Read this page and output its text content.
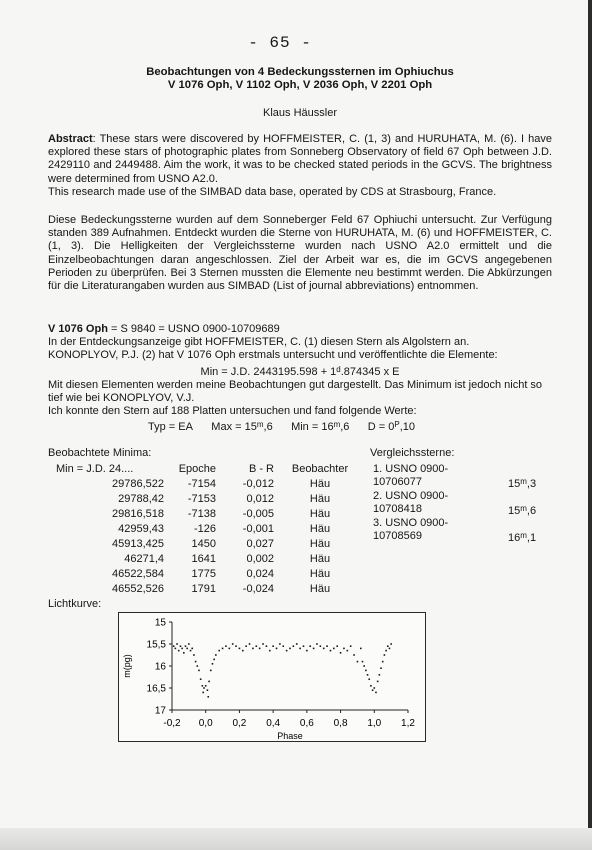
- 65 -
Beobachtungen von 4 Bedeckungssternen im Ophiuchus
V 1076 Oph, V 1102 Oph, V 2036 Oph, V 2201 Oph
Klaus Häussler

Abstract: These stars were discovered by HOFFMEISTER, C. (1, 3) and HURUHATA, M. (6). I have explored these stars of photographic plates from Sonneberg Observatory of field 67 Oph between J.D. 2429110 and 2449488. Aim the work, it was to be checked stated periods in the GCVS. The brightness were determined from USNO A2.0.
This research made use of the SIMBAD data base, operated by CDS at Strasbourg, France.

Diese Bedeckungssterne wurden auf dem Sonneberger Feld 67 Ophiuchi untersucht. Zur Verfügung standen 389 Aufnahmen. Entdeckt wurden die Sterne von HURUHATA, M. (6) und HOFFMEISTER, C. (1, 3). Die Helligkeiten der Vergleichssterne wurden nach USNO A2.0 ermittelt und die Einzelbeobachtungen daran angeschlossen. Ziel der Arbeit war es, die im GCVS angegebenen Perioden zu überprüfen. Bei 3 Sternen mussten die Elemente neu bestimmt werden. Die Abkürzungen für die Literaturangaben wurden aus SIMBAD (List of journal abbreviations) entnommen.

V 1076 Oph = S 9840 = USNO 0900-10709689
In der Entdeckungsanzeige gibt HOFFMEISTER, C. (1) diesen Stern als Algolstern an.
KONOPLYOV, P.J. (2) hat V 1076 Oph erstmals untersucht und veröffentlichte die Elemente:
Min = J.D. $2443195.598 + 1^d.874345$ x E
Mit diesen Elementen werden meine Beobachtungen gut dargestellt. Das Minimum ist jedoch nicht so tief wie bei KONOPLYOV, V.J.
Ich konnte den Stern auf 188 Platten untersuchen und fand folgende Werte:
Typ = EA Max = $15^m,6$ Min = $16^m,6$ $D = 0^P,10$
Beobachtete Minima:
Min = J.D. 24....	Epoche	B - R	Beobachter
29786,522	-7154	-0,012	Häu
29788,42	-7153	0,012	Häu
29816,518	-7138	-0,005	Häu
42959,43	-126	-0,001	Häu
45913,425	1450	0,027	Häu
46271,4	1641	0,002	Häu
46522,584	1775	0,024	Häu
46552,526	1791	-0,024	Häu
Vergleichssterne:
1. USNO 0900-10706077	15$^m$,3
2. USNO 0900-10708418	15$^m$,6
3. USNO 0900-10708569	16$^m$,1
Lichtkurve:
-0,2 0,0 0,2 0,4 0,6 0,8 1,0 1,2
15
15,5
16
16,5
17
m(pg)
Phase
